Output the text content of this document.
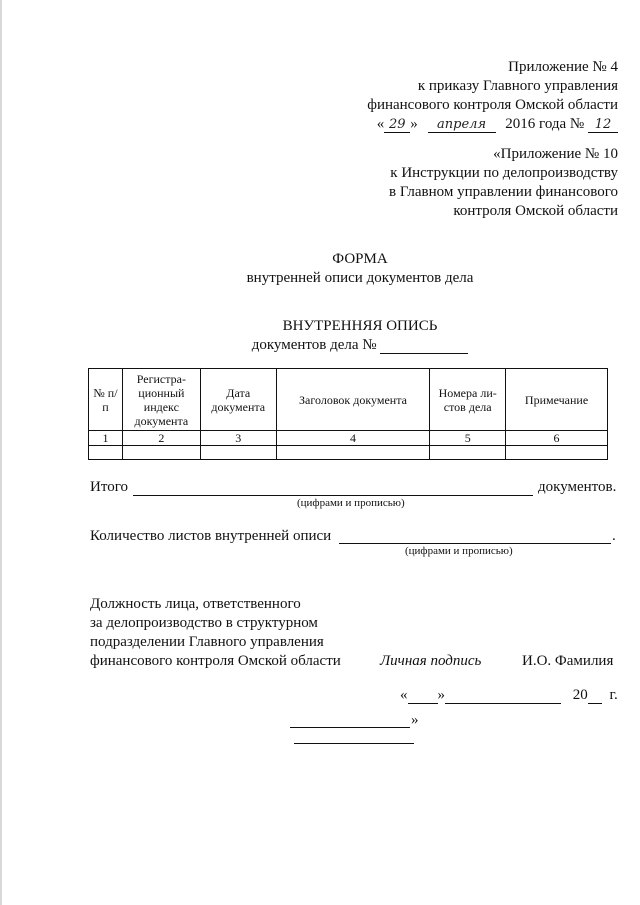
Приложение № 4
к приказу Главного управления
финансового контроля Омской области
« 29 » апреля 2016 года № 12
«Приложение № 10
к Инструкции по делопроизводству
в Главном управлении финансового
контроля Омской области
ФОРМА
внутренней описи документов дела
ВНУТРЕННЯЯ ОПИСЬ
документов дела №
№ п/п	Регистра-ционный индекс документа	Дата документа	Заголовок документа	Номера ли-стов дела	Примечание
1	2	3	4	5	6

Итого	документов.
(цифрами и прописью)
Количество листов внутренней описи	.
(цифрами и прописью)
Должность лица, ответственного
за делопроизводство в структурном
подразделении Главного управления
финансового контроля Омской области	Личная подпись	И.О. Фамилия
« »	20 г.
»
